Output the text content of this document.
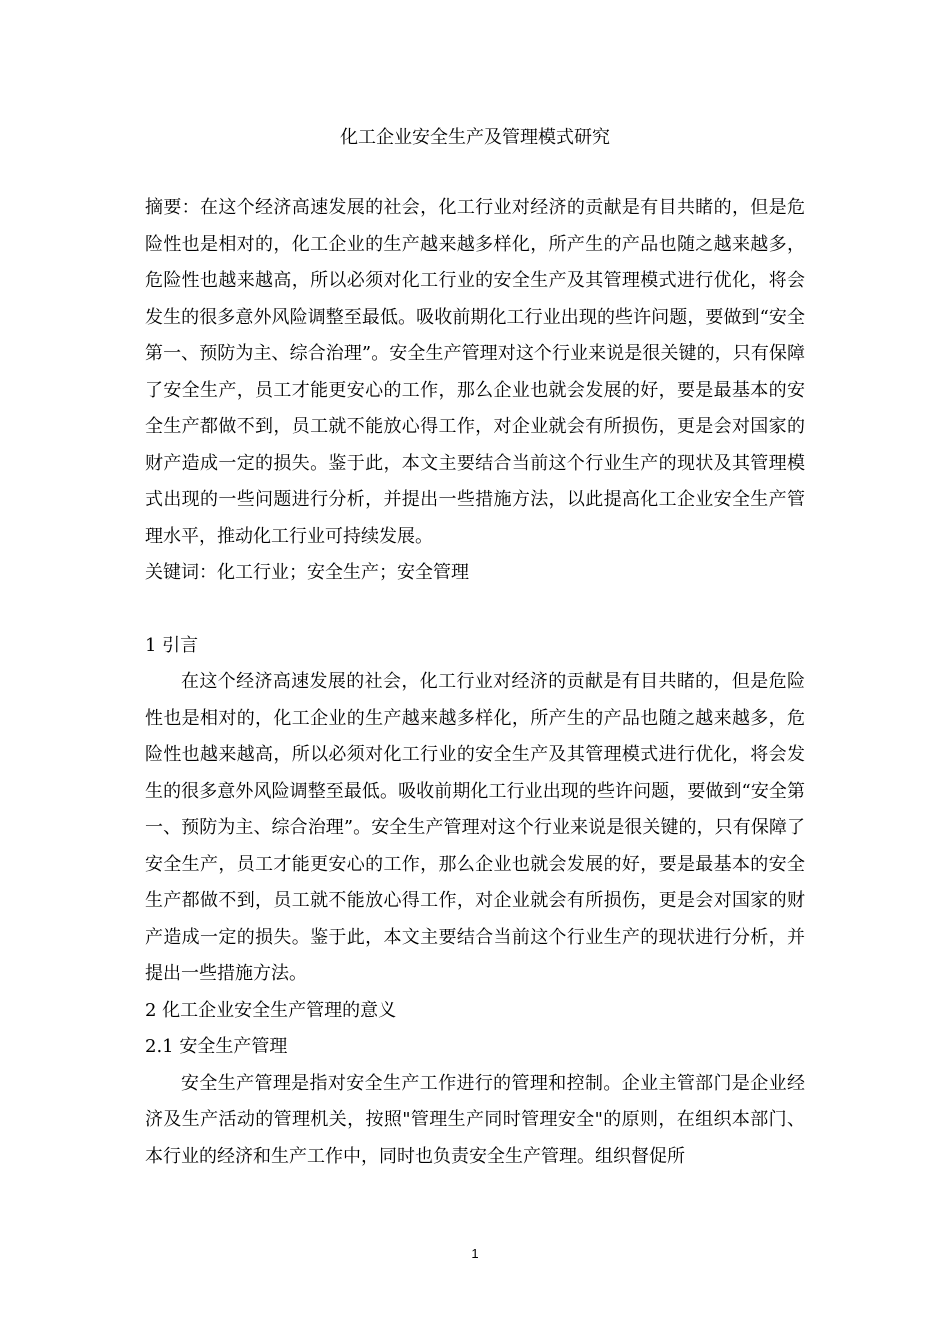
化工企业安全生产及管理模式研究

摘要：在这个经济高速发展的社会，化工行业对经济的贡献是有目共睹的，但是危险性也是相对的，化工企业的生产越来越多样化，所产生的产品也随之越来越多，危险性也越来越高，所以必须对化工行业的安全生产及其管理模式进行优化，将会发生的很多意外风险调整至最低。吸收前期化工行业出现的些许问题，要做到“安全第一、预防为主、综合治理”。安全生产管理对这个行业来说是很关键的，只有保障了安全生产，员工才能更安心的工作，那么企业也就会发展的好，要是最基本的安全生产都做不到，员工就不能放心得工作，对企业就会有所损伤，更是会对国家的财产造成一定的损失。鉴于此，本文主要结合当前这个行业生产的现状及其管理模式出现的一些问题进行分析，并提出一些措施方法，以此提高化工企业安全生产管理水平，推动化工行业可持续发展。

关键词：化工行业；安全生产；安全管理

1 引言

在这个经济高速发展的社会，化工行业对经济的贡献是有目共睹的，但是危险性也是相对的，化工企业的生产越来越多样化，所产生的产品也随之越来越多，危险性也越来越高，所以必须对化工行业的安全生产及其管理模式进行优化，将会发生的很多意外风险调整至最低。吸收前期化工行业出现的些许问题，要做到“安全第一、预防为主、综合治理”。安全生产管理对这个行业来说是很关键的，只有保障了安全生产，员工才能更安心的工作，那么企业也就会发展的好，要是最基本的安全生产都做不到，员工就不能放心得工作，对企业就会有所损伤，更是会对国家的财产造成一定的损失。鉴于此，本文主要结合当前这个行业生产的现状进行分析，并提出一些措施方法。

2 化工企业安全生产管理的意义

2.1 安全生产管理

安全生产管理是指对安全生产工作进行的管理和控制。企业主管部门是企业经济及生产活动的管理机关，按照"管理生产同时管理安全"的原则，在组织本部门、本行业的经济和生产工作中，同时也负责安全生产管理。组织督促所

1
